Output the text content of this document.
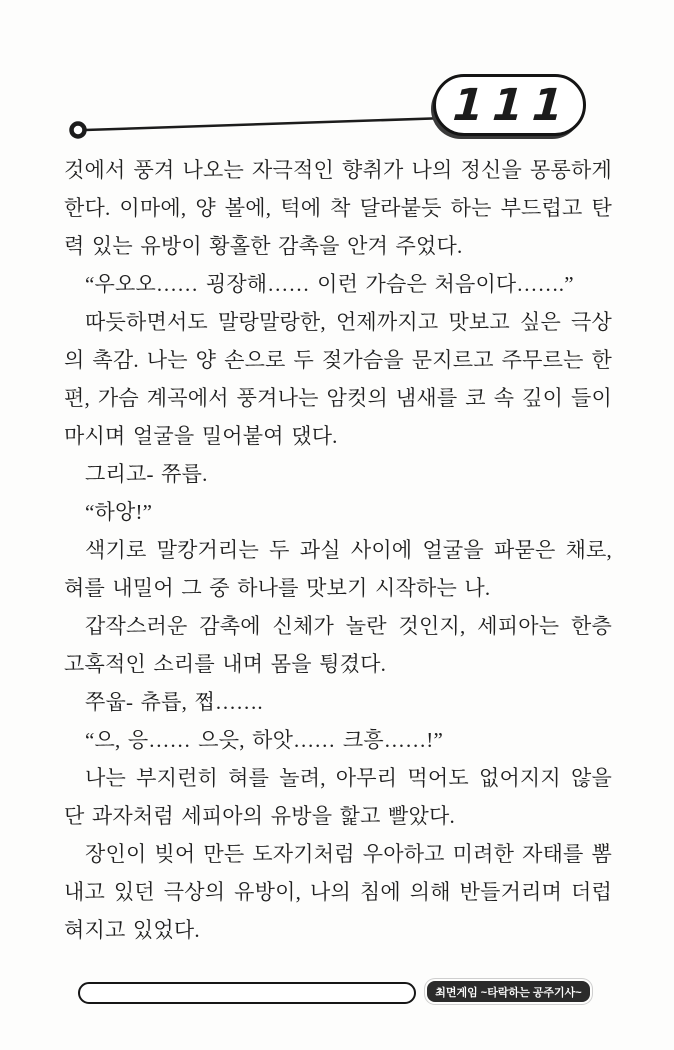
111
것에서 풍겨 나오는 자극적인 향취가 나의 정신을 몽롱하게
한다. 이마에, 양 볼에, 턱에 착 달라붙듯 하는 부드럽고 탄
력 있는 유방이 황홀한 감촉을 안겨 주었다.
“우오오…… 굉장해…… 이런 가슴은 처음이다…….”
따듯하면서도 말랑말랑한, 언제까지고 맛보고 싶은 극상
의 촉감. 나는 양 손으로 두 젖가슴을 문지르고 주무르는 한
편, 가슴 계곡에서 풍겨나는 암컷의 냄새를 코 속 깊이 들이
마시며 얼굴을 밀어붙여 댔다.
그리고- 쮸릅.
“하앙!”
색기로 말캉거리는 두 과실 사이에 얼굴을 파묻은 채로,
혀를 내밀어 그 중 하나를 맛보기 시작하는 나.
갑작스러운 감촉에 신체가 놀란 것인지, 세피아는 한층
고혹적인 소리를 내며 몸을 튕겼다.
쭈웁- 츄릅, 쩝…….
“으, 응…… 으읏, 하앗…… 크흥……!”
나는 부지런히 혀를 놀려, 아무리 먹어도 없어지지 않을
단 과자처럼 세피아의 유방을 핥고 빨았다.
장인이 빚어 만든 도자기처럼 우아하고 미려한 자태를 뽐
내고 있던 극상의 유방이, 나의 침에 의해 반들거리며 더럽
혀지고 있었다.
최면게임 ~타락하는 공주기사~
